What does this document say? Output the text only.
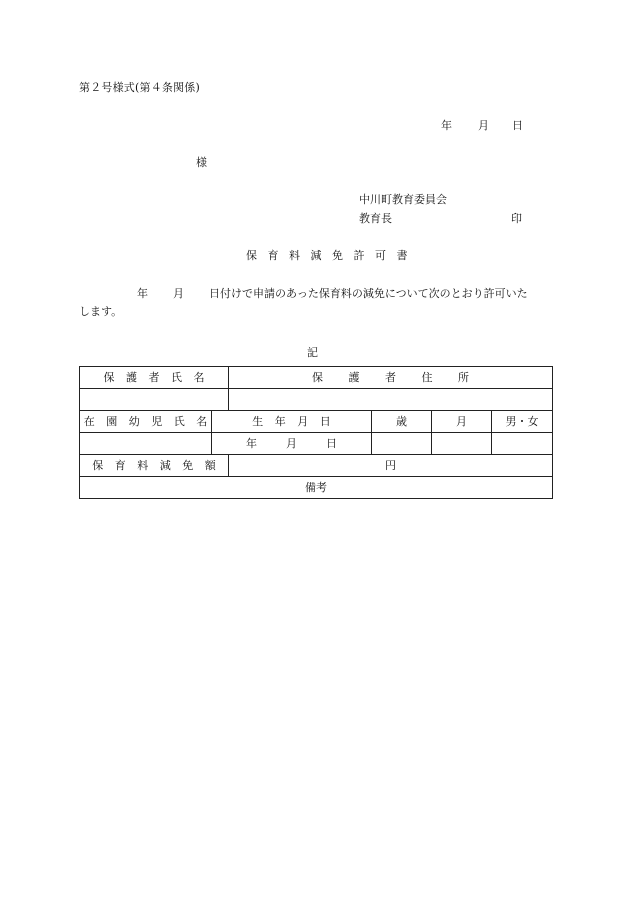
第２号様式(第４条関係)
年 月 日
様
中川町教育委員会
教育長	印
保 育 料 減 免 許 可 書
年 月 日付けで申請のあった保育料の減免について次のとおり許可いた
します。
記
保 護 者 氏 名		保 護 者 住 所			

在 園 幼 児 氏 名	生 年 月 日		歳	月	男・女
	年 月 日				
保 育 料 減 免 額		円			
備考					
